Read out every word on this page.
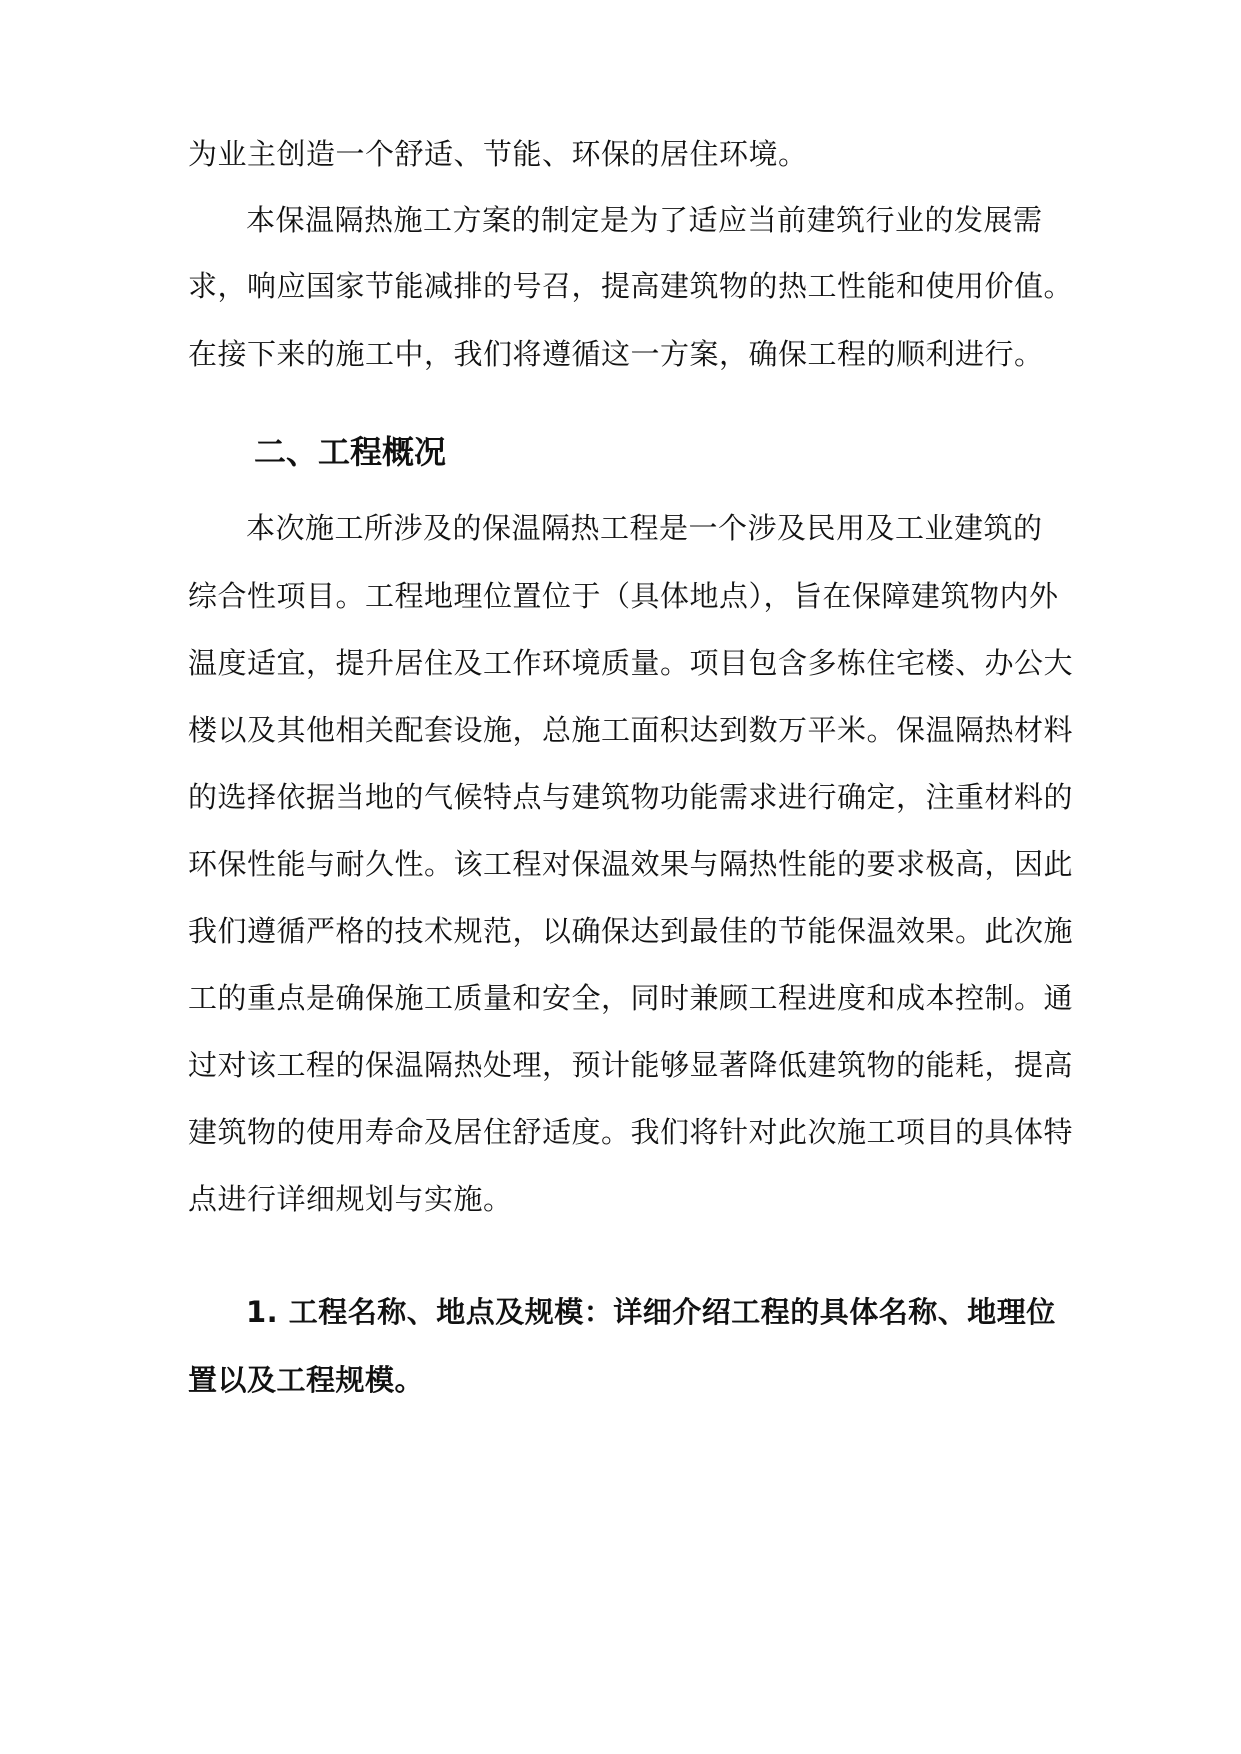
为业主创造一个舒适、节能、环保的居住环境。
本保温隔热施工方案的制定是为了适应当前建筑行业的发展需
求，响应国家节能减排的号召，提高建筑物的热工性能和使用价值。
在接下来的施工中，我们将遵循这一方案，确保工程的顺利进行。
二、工程概况
本次施工所涉及的保温隔热工程是一个涉及民用及工业建筑的
综合性项目。工程地理位置位于（具体地点），旨在保障建筑物内外
温度适宜，提升居住及工作环境质量。项目包含多栋住宅楼、办公大
楼以及其他相关配套设施，总施工面积达到数万平米。保温隔热材料
的选择依据当地的气候特点与建筑物功能需求进行确定，注重材料的
环保性能与耐久性。该工程对保温效果与隔热性能的要求极高，因此
我们遵循严格的技术规范，以确保达到最佳的节能保温效果。此次施
工的重点是确保施工质量和安全，同时兼顾工程进度和成本控制。通
过对该工程的保温隔热处理，预计能够显著降低建筑物的能耗，提高
建筑物的使用寿命及居住舒适度。我们将针对此次施工项目的具体特
点进行详细规划与实施。
1. 工程名称、地点及规模：详细介绍工程的具体名称、地理位
置以及工程规模。
